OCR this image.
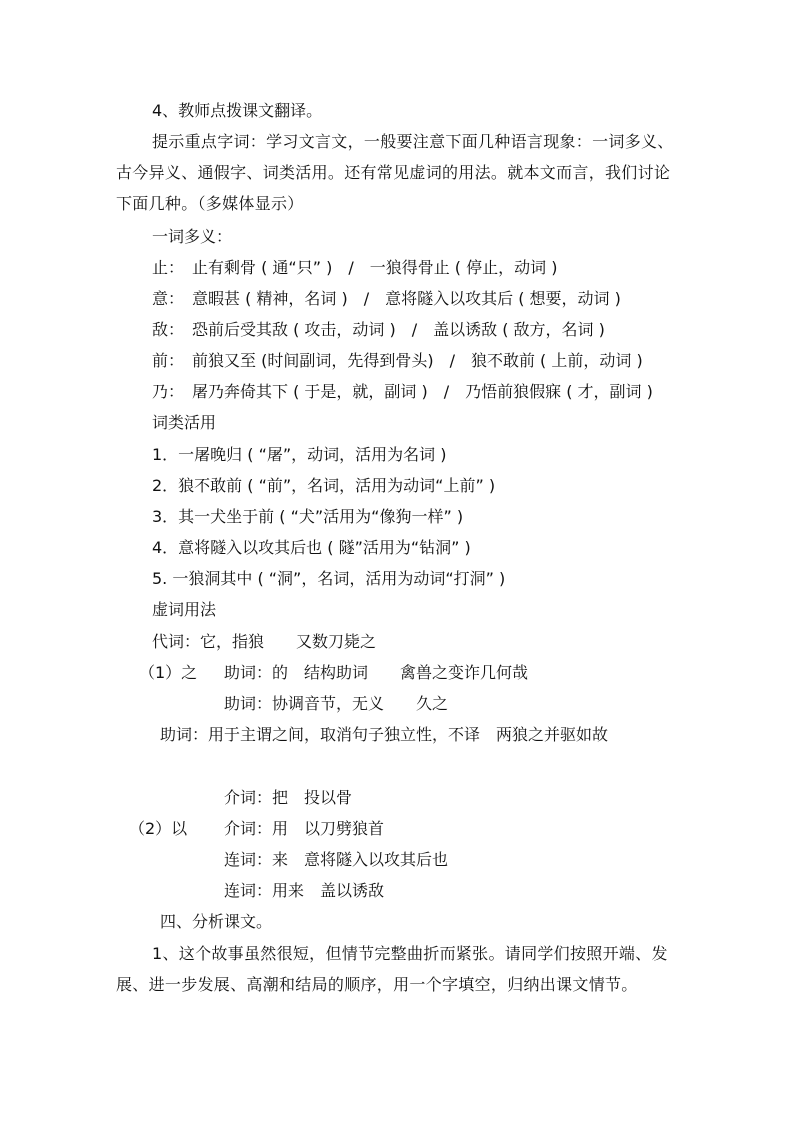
4、教师点拨课文翻译。

提示重点字词：学习文言文，一般要注意下面几种语言现象：一词多义、古今异义、通假字、词类活用。还有常见虚词的用法。就本文而言，我们讨论下面几种。（多媒体显示）

一词多义：
止：　止有剩骨 ( 通“只” )　/　一狼得骨止 ( 停止，动词 )
意：　意暇甚 ( 精神，名词 )　/　意将隧入以攻其后 ( 想要，动词 )
敌：　恐前后受其敌 ( 攻击，动词 )　/　盖以诱敌 ( 敌方，名词 )
前：　前狼又至 (时间副词，先得到骨头)　/　狼不敢前 ( 上前，动词 )
乃：　屠乃奔倚其下 ( 于是，就，副词 )　/　乃悟前狼假寐 ( 才，副词 )
词类活用
1．一屠晚归 ( “屠”，动词，活用为名词 )
2．狼不敢前 ( “前”，名词，活用为动词“上前” )
3．其一犬坐于前 ( “犬”活用为“像狗一样” )
4．意将隧入以攻其后也 ( 隧”活用为“钻洞” )
5. 一狼洞其中 ( “洞”，名词，活用为动词“打洞” )
虚词用法
代词：它，指狼　　又数刀毙之
（1）之 助词：的　结构助词　　禽兽之变诈几何哉
助词：协调音节，无义　　久之
助词：用于主谓之间，取消句子独立性，不译　两狼之并驱如故
介词：把　投以骨
（2）以 介词：用　以刀劈狼首
连词：来　意将隧入以攻其后也
连词：用来　盖以诱敌
四、分析课文。

1、这个故事虽然很短，但情节完整曲折而紧张。请同学们按照开端、发展、进一步发展、高潮和结局的顺序，用一个字填空，归纳出课文情节。
